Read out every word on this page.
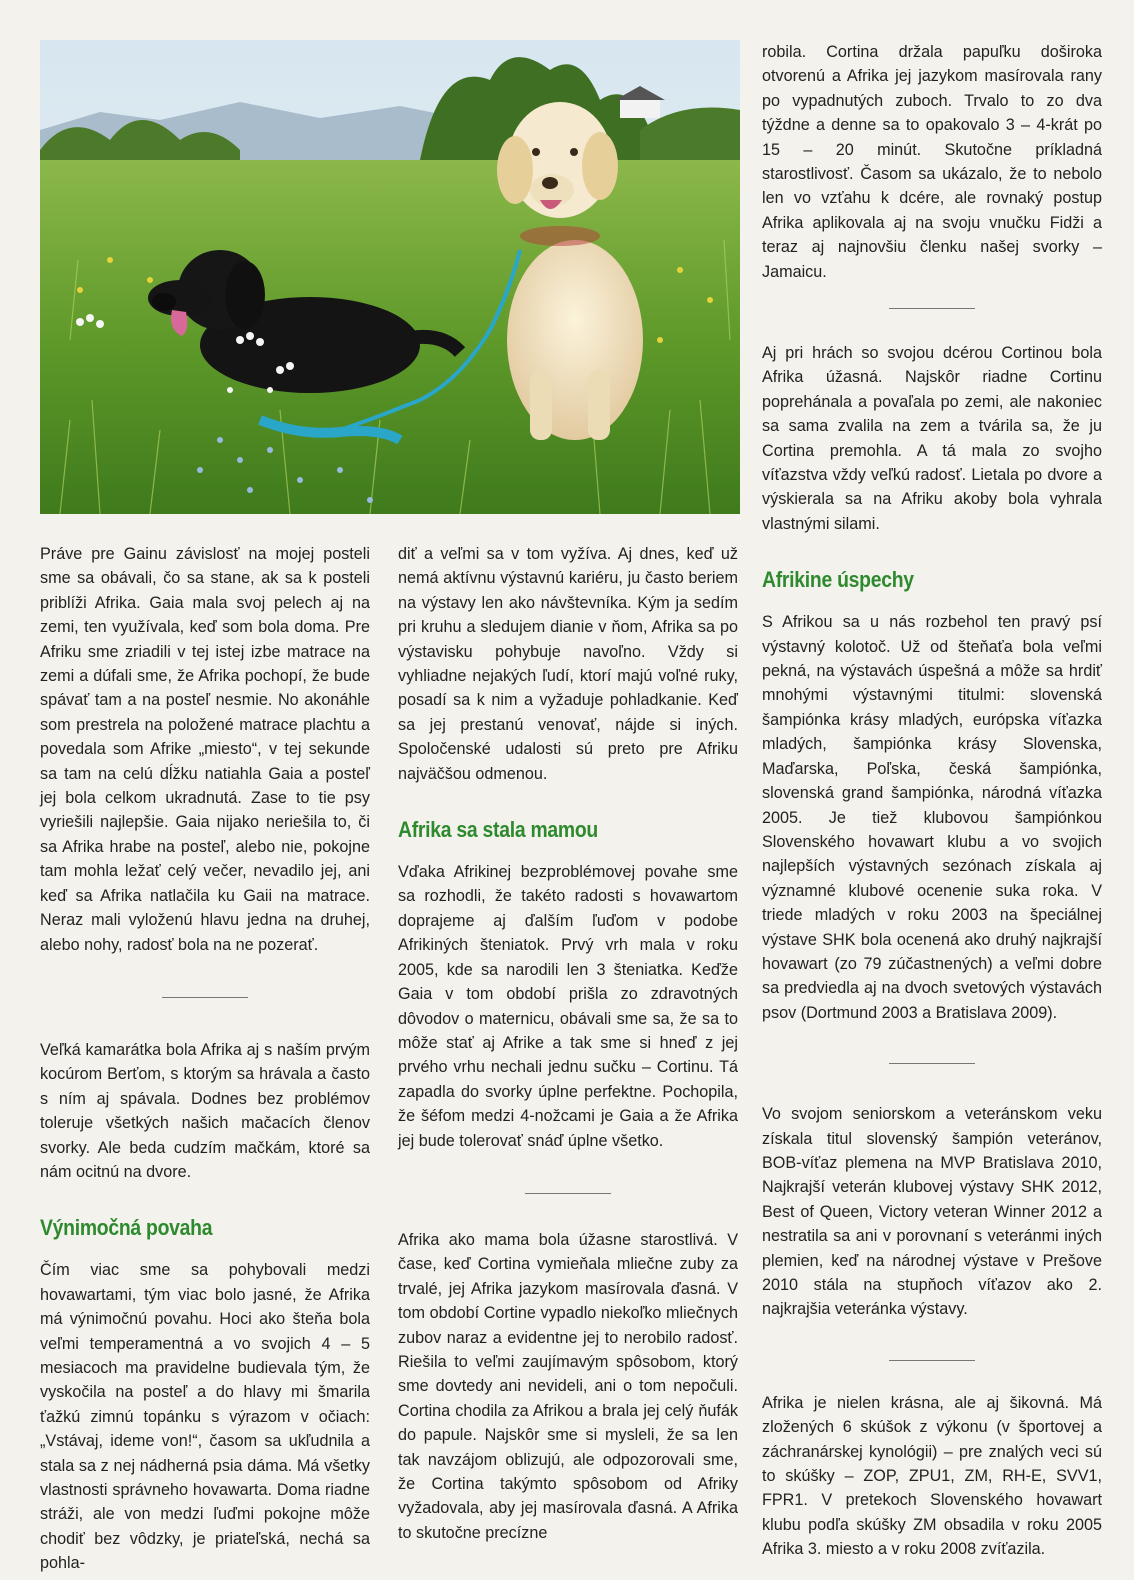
robila. Cortina držala papuľku doširoka otvorenú a Afrika jej jazykom masírovala rany po vypadnutých zuboch. Trvalo to zo dva týždne a denne sa to opakovalo 3 – 4-krát po 15 – 20 minút. Skutočne príkladná starostlivosť. Časom sa ukázalo, že to nebolo len vo vzťahu k dcére, ale rovnaký postup Afrika aplikovala aj na svoju vnučku Fidži a teraz aj najnovšiu členku našej svorky – Jamaicu.

Aj pri hrách so svojou dcérou Cortinou bola Afrika úžasná. Najskôr riadne Cortinu poprehánala a povaľala po zemi, ale nakoniec sa sama zvalila na zem a tvárila sa, že ju Cortina premohla. A tá mala zo svojho víťazstva vždy veľkú radosť. Lietala po dvore a výskierala sa na Afriku akoby bola vyhrala vlastnými silami.

Afrikine úspechy

S Afrikou sa u nás rozbehol ten pravý psí výstavný kolotoč. Už od šteňaťa bola veľmi pekná, na výstavách úspešná a môže sa hrdiť mnohými výstavnými titulmi: slovenská šampiónka krásy mladých, európska víťazka mladých, šampiónka krásy Slovenska, Maďarska, Poľska, česká šampiónka, slovenská grand šampiónka, národná víťazka 2005. Je tiež klubovou šampiónkou Slovenského hovawart klubu a vo svojich najlepších výstavných sezónach získala aj významné klubové ocenenie suka roka. V triede mladých v roku 2003 na špeciálnej výstave SHK bola ocenená ako druhý najkrajší hovawart (zo 79 zúčastnených) a veľmi dobre sa predviedla aj na dvoch svetových výstavách psov (Dortmund 2003 a Bratislava 2009).

Vo svojom seniorskom a veteránskom veku získala titul slovenský šampión veteránov, BOB-víťaz plemena na MVP Bratislava 2010, Najkrajší veterán klubovej výstavy SHK 2012, Best of Queen, Victory veteran Winner 2012 a nestratila sa ani v porovnaní s veteránmi iných plemien, keď na národnej výstave v Prešove 2010 stála na stupňoch víťazov ako 2. najkrajšia veteránka výstavy.

Afrika je nielen krásna, ale aj šikovná. Má zložených 6 skúšok z výkonu (v športovej a záchranárskej kynológii) – pre znalých veci sú to skúšky – ZOP, ZPU1, ZM, RH-E, SVV1, FPR1. V pretekoch Slovenského hovawart klubu podľa skúšky ZM obsadila v roku 2005 Afrika 3. miesto a v roku 2008 zvíťazila.

Práve pre Gainu závislosť na mojej posteli sme sa obávali, čo sa stane, ak sa k posteli priblíži Afrika. Gaia mala svoj pelech aj na zemi, ten využívala, keď som bola doma. Pre Afriku sme zriadili v tej istej izbe matrace na zemi a dúfali sme, že Afrika pochopí, že bude spávať tam a na posteľ nesmie. No akonáhle som prestrela na položené matrace plachtu a povedala som Afrike „miesto“, v tej sekunde sa tam na celú dĺžku natiahla Gaia a posteľ jej bola celkom ukradnutá. Zase to tie psy vyriešili najlepšie. Gaia nijako neriešila to, či sa Afrika hrabe na posteľ, alebo nie, pokojne tam mohla ležať celý večer, nevadilo jej, ani keď sa Afrika natlačila ku Gaii na matrace. Neraz mali vyloženú hlavu jedna na druhej, alebo nohy, radosť bola na ne pozerať.

Veľká kamarátka bola Afrika aj s naším prvým kocúrom Berťom, s ktorým sa hrávala a často s ním aj spávala. Dodnes bez problémov toleruje všetkých našich mačacích členov svorky. Ale beda cudzím mačkám, ktoré sa nám ocitnú na dvore.

Výnimočná povaha

Čím viac sme sa pohybovali medzi hovawartami, tým viac bolo jasné, že Afrika má výnimočnú povahu. Hoci ako šteňa bola veľmi temperamentná a vo svojich 4 – 5 mesiacoch ma pravidelne budievala tým, že vyskočila na posteľ a do hlavy mi šmarila ťažkú zimnú topánku s výrazom v očiach: „Vstávaj, ideme von!“, časom sa ukľudnila a stala sa z nej nádherná psia dáma. Má všetky vlastnosti správneho hovawarta. Doma riadne stráži, ale von medzi ľuďmi pokojne môže chodiť bez vôdzky, je priateľská, nechá sa pohla-

diť a veľmi sa v tom vyžíva. Aj dnes, keď už nemá aktívnu výstavnú kariéru, ju často beriem na výstavy len ako návštevníka. Kým ja sedím pri kruhu a sledujem dianie v ňom, Afrika sa po výstavisku pohybuje navoľno. Vždy si vyhliadne nejakých ľudí, ktorí majú voľné ruky, posadí sa k nim a vyžaduje pohladkanie. Keď sa jej prestanú venovať, nájde si iných. Spoločenské udalosti sú preto pre Afriku najväčšou odmenou.

Afrika sa stala mamou

Vďaka Afrikinej bezproblémovej povahe sme sa rozhodli, že takéto radosti s hovawartom doprajeme aj ďalším ľuďom v podobe Afrikiných šteniatok. Prvý vrh mala v roku 2005, kde sa narodili len 3 šteniatka. Keďže Gaia v tom období prišla zo zdravotných dôvodov o maternicu, obávali sme sa, že sa to môže stať aj Afrike a tak sme si hneď z jej prvého vrhu nechali jednu sučku – Cortinu. Tá zapadla do svorky úplne perfektne. Pochopila, že šéfom medzi 4-nožcami je Gaia a že Afrika jej bude tolerovať snáď úplne všetko.

Afrika ako mama bola úžasne starostlivá. V čase, keď Cortina vymieňala mliečne zuby za trvalé, jej Afrika jazykom masírovala ďasná. V tom období Cortine vypadlo niekoľko mliečnych zubov naraz a evidentne jej to nerobilo radosť. Riešila to veľmi zaujímavým spôsobom, ktorý sme dovtedy ani nevideli, ani o tom nepočuli. Cortina chodila za Afrikou a brala jej celý ňufák do papule. Najskôr sme si mysleli, že sa len tak navzájom oblizujú, ale odpozorovali sme, že Cortina takýmto spôsobom od Afriky vyžadovala, aby jej masírovala ďasná. A Afrika to skutočne precízne
